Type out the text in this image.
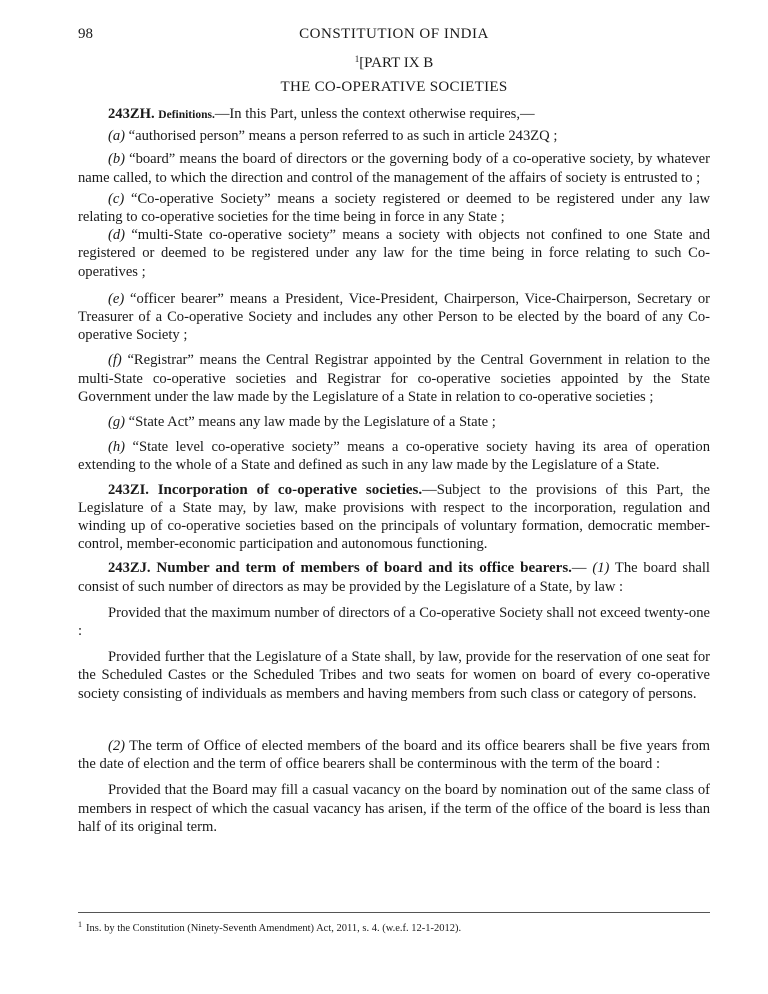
98	CONSTITUTION OF INDIA
$^1$[PART IX B
THE CO-OPERATIVE SOCIETIES

243ZH. Definitions.—In this Part, unless the context otherwise requires,—

(a) “authorised person” means a person referred to as such in article 243ZQ ;

(b) “board” means the board of directors or the governing body of a co-operative society, by whatever name called, to which the direction and control of the management of the affairs of society is entrusted to ;

(c) “Co-operative Society” means a society registered or deemed to be registered under any law relating to co-operative societies for the time being in force in any State ;

(d) “multi-State co-operative society” means a society with objects not confined to one State and registered or deemed to be registered under any law for the time being in force relating to such Co-operatives ;

(e) “officer bearer” means a President, Vice-President, Chairperson, Vice-Chairperson, Secretary or Treasurer of a Co-operative Society and includes any other Person to be elected by the board of any Co-operative Society ;

(f) “Registrar” means the Central Registrar appointed by the Central Government in relation to the multi-State co-operative societies and Registrar for co-operative societies appointed by the State Government under the law made by the Legislature of a State in relation to co-operative societies ;

(g) “State Act” means any law made by the Legislature of a State ;

(h) “State level co-operative society” means a co-operative society having its area of operation extending to the whole of a State and defined as such in any law made by the Legislature of a State.

243ZI. Incorporation of co-operative societies.—Subject to the provisions of this Part, the Legislature of a State may, by law, make provisions with respect to the incorporation, regulation and winding up of co-operative societies based on the principals of voluntary formation, democratic member-control, member-economic participation and autonomous functioning.

243ZJ. Number and term of members of board and its office bearers.— (1) The board shall consist of such number of directors as may be provided by the Legislature of a State, by law :

Provided that the maximum number of directors of a Co-operative Society shall not exceed twenty-one :

Provided further that the Legislature of a State shall, by law, provide for the reservation of one seat for the Scheduled Castes or the Scheduled Tribes and two seats for women on board of every co-operative society consisting of individuals as members and having members from such class or category of persons.

(2) The term of Office of elected members of the board and its office bearers shall be five years from the date of election and the term of office bearers shall be conterminous with the term of the board :

Provided that the Board may fill a casual vacancy on the board by nomination out of the same class of members in respect of which the casual vacancy has arisen, if the term of the office of the board is less than half of its original term.

$^1$ Ins. by the Constitution (Ninety-Seventh Amendment) Act, 2011, s. 4. (w.e.f. 12-1-2012).
